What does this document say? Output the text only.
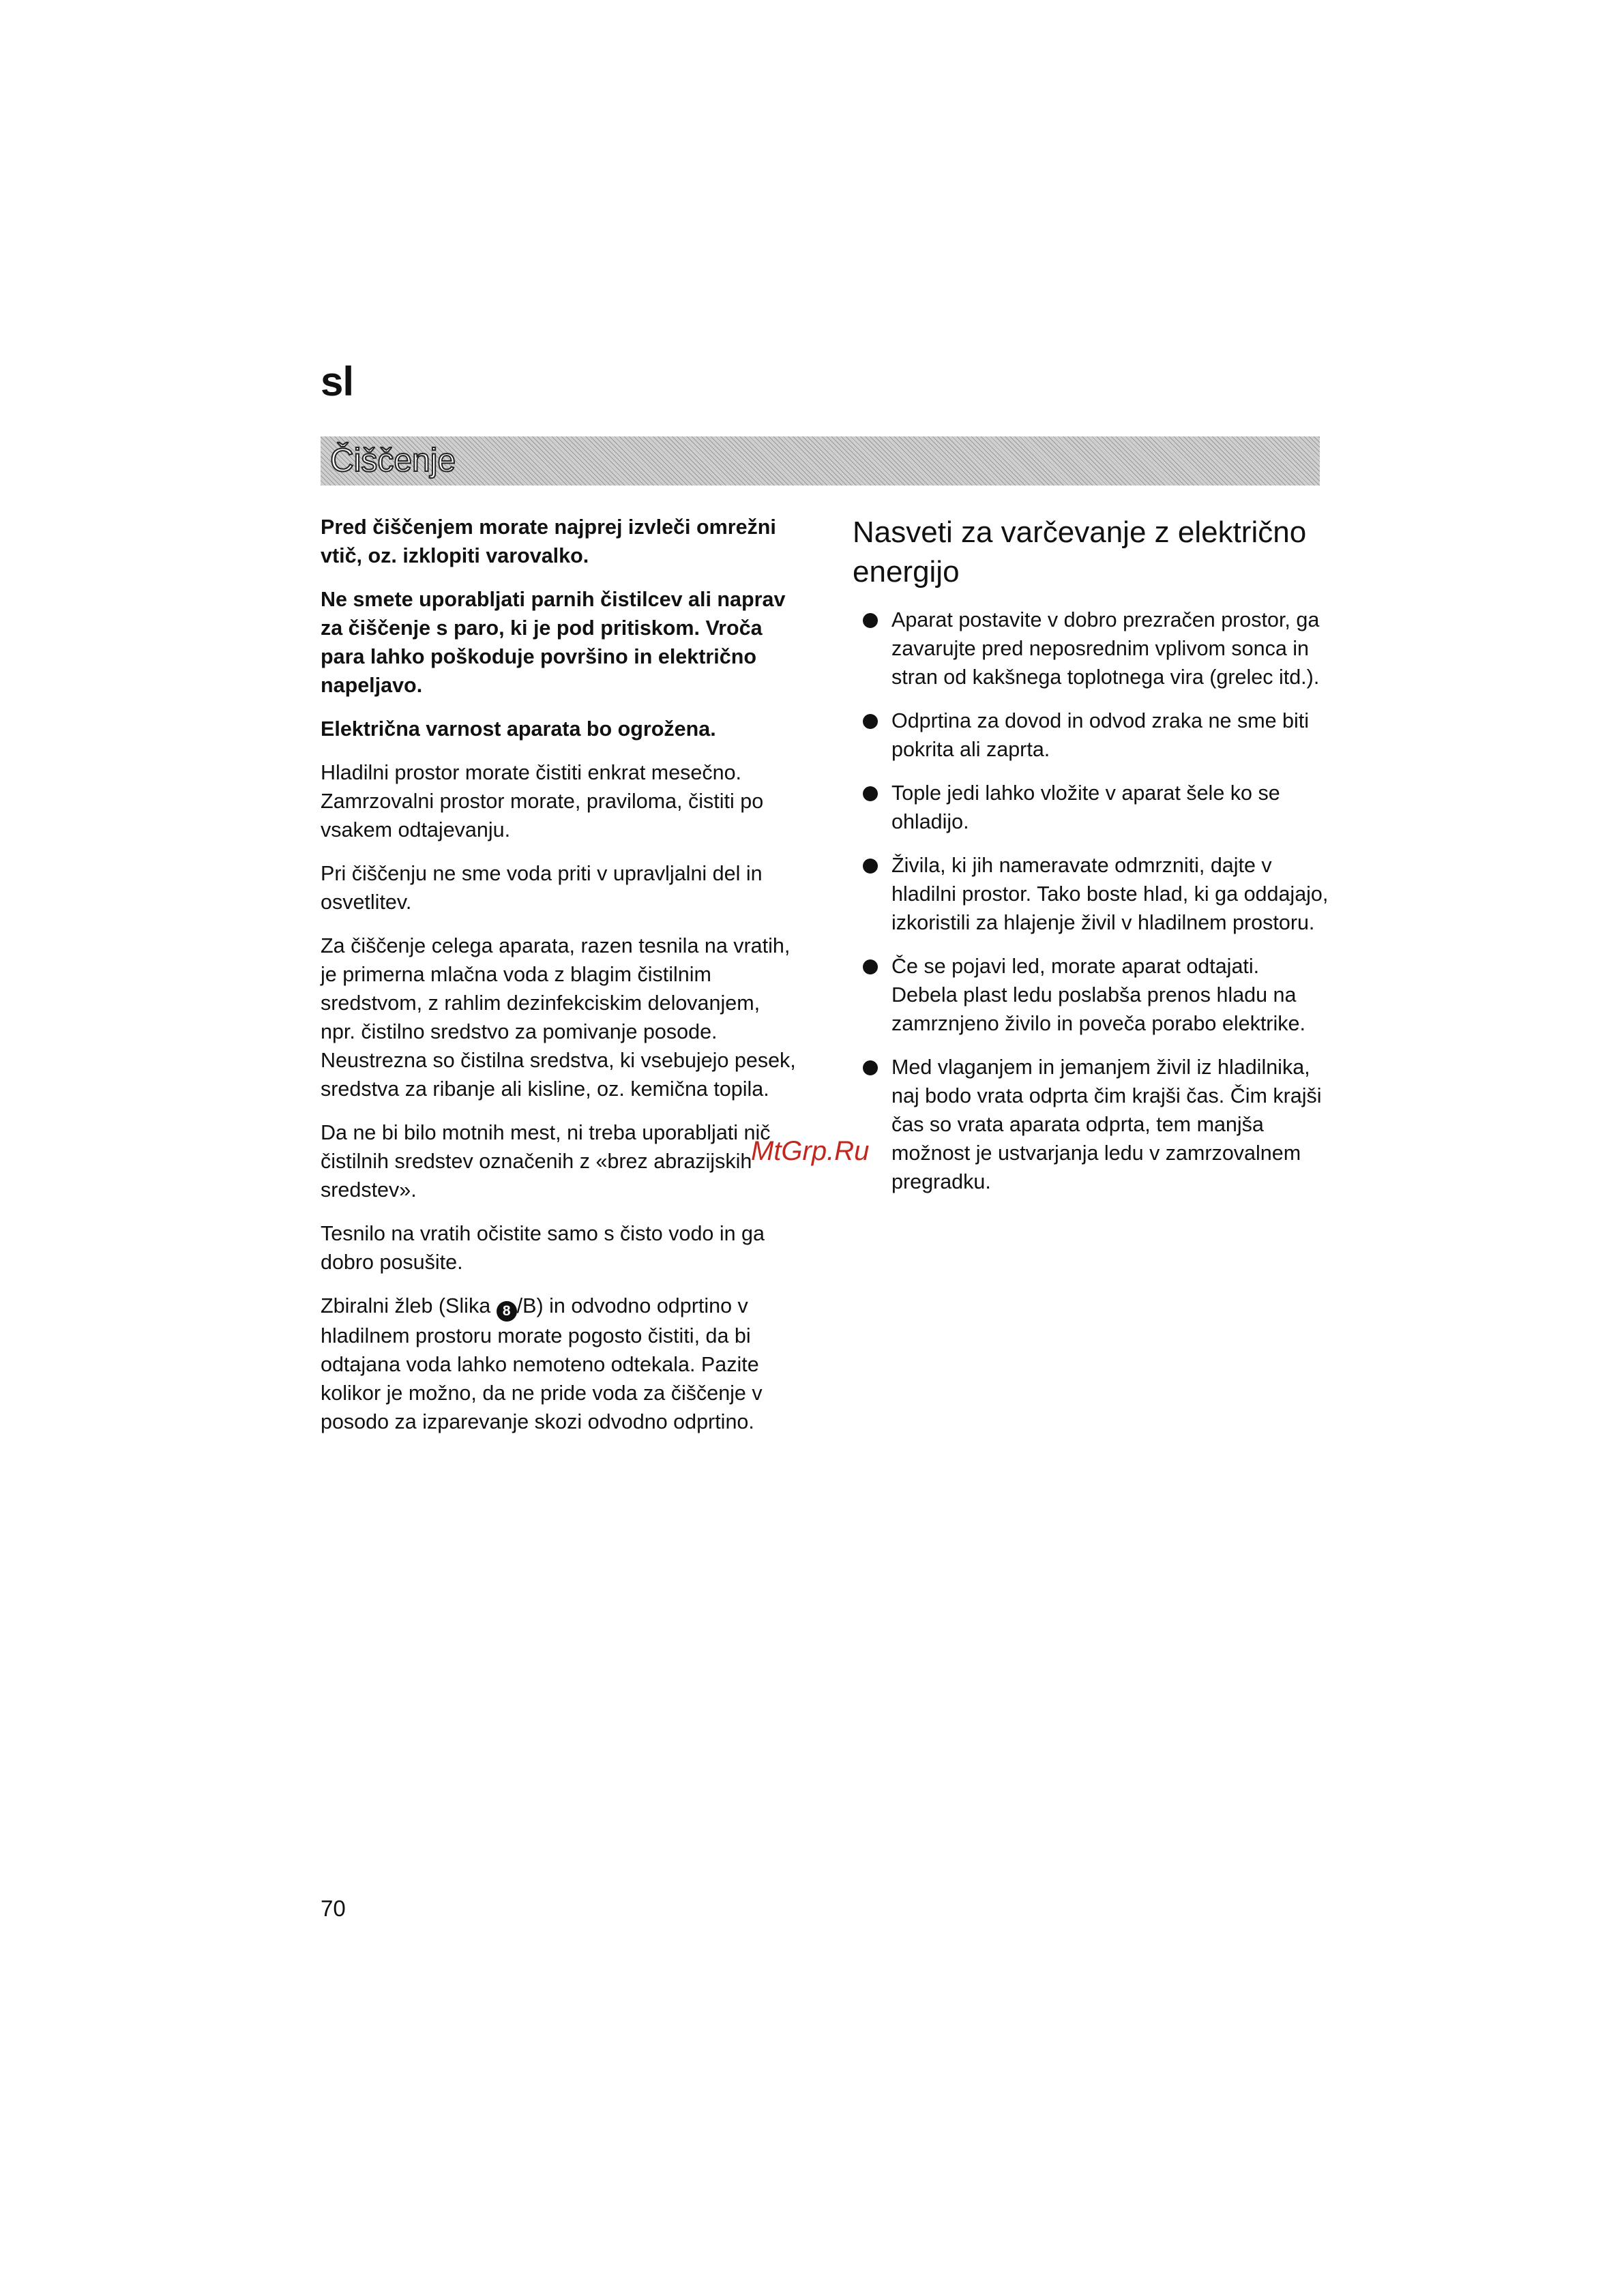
sl
Čiščenje

Pred čiščenjem morate najprej izvleči omrežni vtič, oz. izklopiti varovalko.

Ne smete uporabljati parnih čistilcev ali naprav za čiščenje s paro, ki je pod pritiskom. Vroča para lahko poškoduje površino in električno napeljavo.

Električna varnost aparata bo ogrožena.

Hladilni prostor morate čistiti enkrat mesečno. Zamrzovalni prostor morate, praviloma, čistiti po vsakem odtajevanju.

Pri čiščenju ne sme voda priti v upravljalni del in osvetlitev.

Za čiščenje celega aparata, razen tesnila na vratih, je primerna mlačna voda z blagim čistilnim sredstvom, z rahlim dezinfekciskim delovanjem, npr. čistilno sredstvo za pomivanje posode. Neustrezna so čistilna sredstva, ki vsebujejo pesek, sredstva za ribanje ali kisline, oz. kemična topila.

Da ne bi bilo motnih mest, ni treba uporabljati nič čistilnih sredstev označenih z «brez abrazijskih sredstev».

Tesnilo na vratih očistite samo s čisto vodo in ga dobro posušite.

Zbiralni žleb (Slika 8 /B) in odvodno odprtino v hladilnem prostoru morate pogosto čistiti, da bi odtajana voda lahko nemoteno odtekala. Pazite kolikor je možno, da ne pride voda za čiščenje v posodo za izparevanje skozi odvodno odprtino.

Nasveti za varčevanje z električno energijo
Aparat postavite v dobro prezračen prostor, ga zavarujte pred neposrednim vplivom sonca in stran od kakšnega toplotnega vira (grelec itd.).
Odprtina za dovod in odvod zraka ne sme biti pokrita ali zaprta.
Tople jedi lahko vložite v aparat šele ko se ohladijo.
Živila, ki jih nameravate odmrzniti, dajte v hladilni prostor. Tako boste hlad, ki ga oddajajo, izkoristili za hlajenje živil v hladilnem prostoru.
Če se pojavi led, morate aparat odtajati. Debela plast ledu poslabša prenos hladu na zamrznjeno živilo in poveča porabo elektrike.
Med vlaganjem in jemanjem živil iz hladilnika, naj bodo vrata odprta čim krajši čas. Čim krajši čas so vrata aparata odprta, tem manjša možnost je ustvarjanja ledu v zamrzovalnem pregradku.
MtGrp.Ru
70
